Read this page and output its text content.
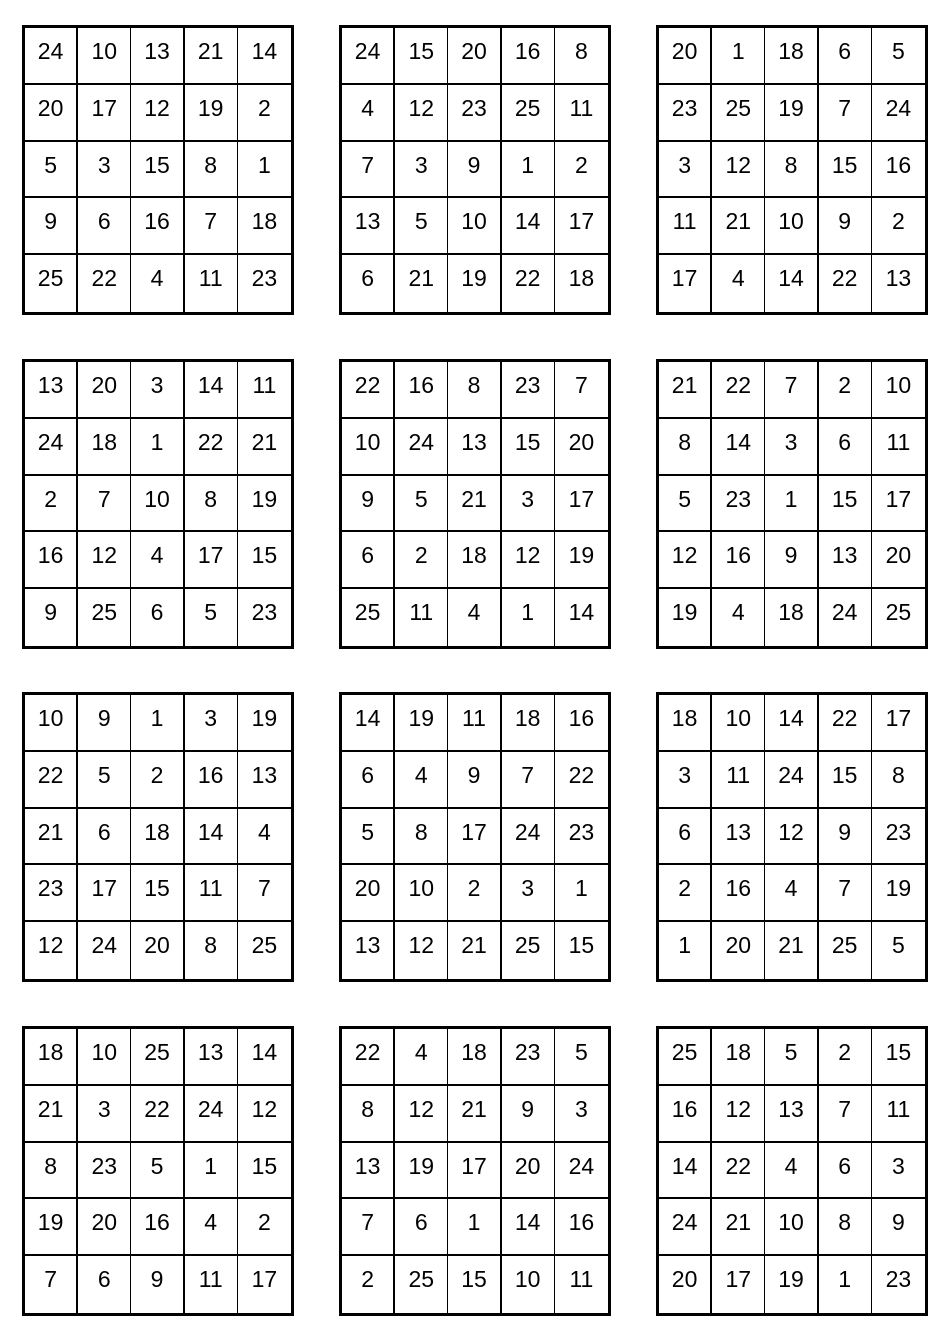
24	10	13	21	14
20	17	12	19	2
5	3	15	8	1
9	6	16	7	18
25	22	4	11	23
24	15	20	16	8
4	12	23	25	11
7	3	9	1	2
13	5	10	14	17
6	21	19	22	18
20	1	18	6	5
23	25	19	7	24
3	12	8	15	16
11	21	10	9	2
17	4	14	22	13
13	20	3	14	11
24	18	1	22	21
2	7	10	8	19
16	12	4	17	15
9	25	6	5	23
22	16	8	23	7
10	24	13	15	20
9	5	21	3	17
6	2	18	12	19
25	11	4	1	14
21	22	7	2	10
8	14	3	6	11
5	23	1	15	17
12	16	9	13	20
19	4	18	24	25
10	9	1	3	19
22	5	2	16	13
21	6	18	14	4
23	17	15	11	7
12	24	20	8	25
14	19	11	18	16
6	4	9	7	22
5	8	17	24	23
20	10	2	3	1
13	12	21	25	15
18	10	14	22	17
3	11	24	15	8
6	13	12	9	23
2	16	4	7	19
1	20	21	25	5
18	10	25	13	14
21	3	22	24	12
8	23	5	1	15
19	20	16	4	2
7	6	9	11	17
22	4	18	23	5
8	12	21	9	3
13	19	17	20	24
7	6	1	14	16
2	25	15	10	11
25	18	5	2	15
16	12	13	7	11
14	22	4	6	3
24	21	10	8	9
20	17	19	1	23
